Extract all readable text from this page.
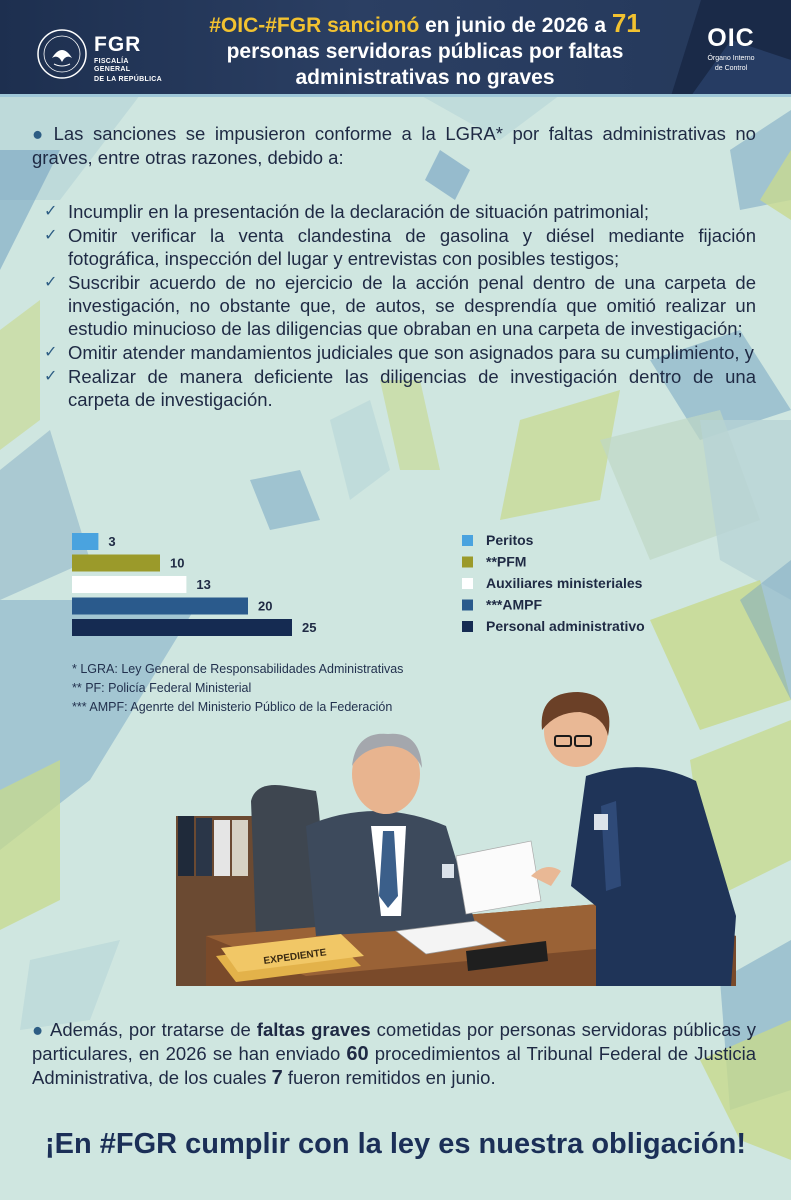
FGR
FISCALÍA GENERAL
DE LA REPÚBLICA
#OIC-#FGR sancionó en junio de 2026 a 71
personas servidoras públicas por faltas administrativas no graves
OIC
Órgano Interno
de Control
● Las sanciones se impusieron conforme a la LGRA* por faltas administrativas no graves, entre otras razones, debido a:
✓ Incumplir en la presentación de la declaración de situación patrimonial;
✓ Omitir verificar la venta clandestina de gasolina y diésel mediante fijación fotográfica, inspección del lugar y entrevistas con posibles testigos;
✓ Suscribir acuerdo de no ejercicio de la acción penal dentro de una carpeta de investigación, no obstante que, de autos, se desprendía que omitió realizar un estudio minucioso de las diligencias que obraban en una carpeta de investigación;
✓ Omitir atender mandamientos judiciales que son asignados para su cumplimiento, y
✓ Realizar de manera deficiente las diligencias de investigación dentro de una carpeta de investigación.
3	Peritos
10	**PFM
13	Auxiliares ministeriales
20	***AMPF
25	Personal administrativo
* LGRA: Ley General de Responsabilidades Administrativas
** PF: Policía Federal Ministerial
*** AMPF: Agenrte del Ministerio Público de la Federación
EXPEDIENTE
● Además, por tratarse de faltas graves cometidas por personas servidoras públicas y particulares, en 2026 se han enviado 60 procedimientos al Tribunal Federal de Justicia Administrativa, de los cuales 7 fueron remitidos en junio.
¡En #FGR cumplir con la ley es nuestra obligación!
